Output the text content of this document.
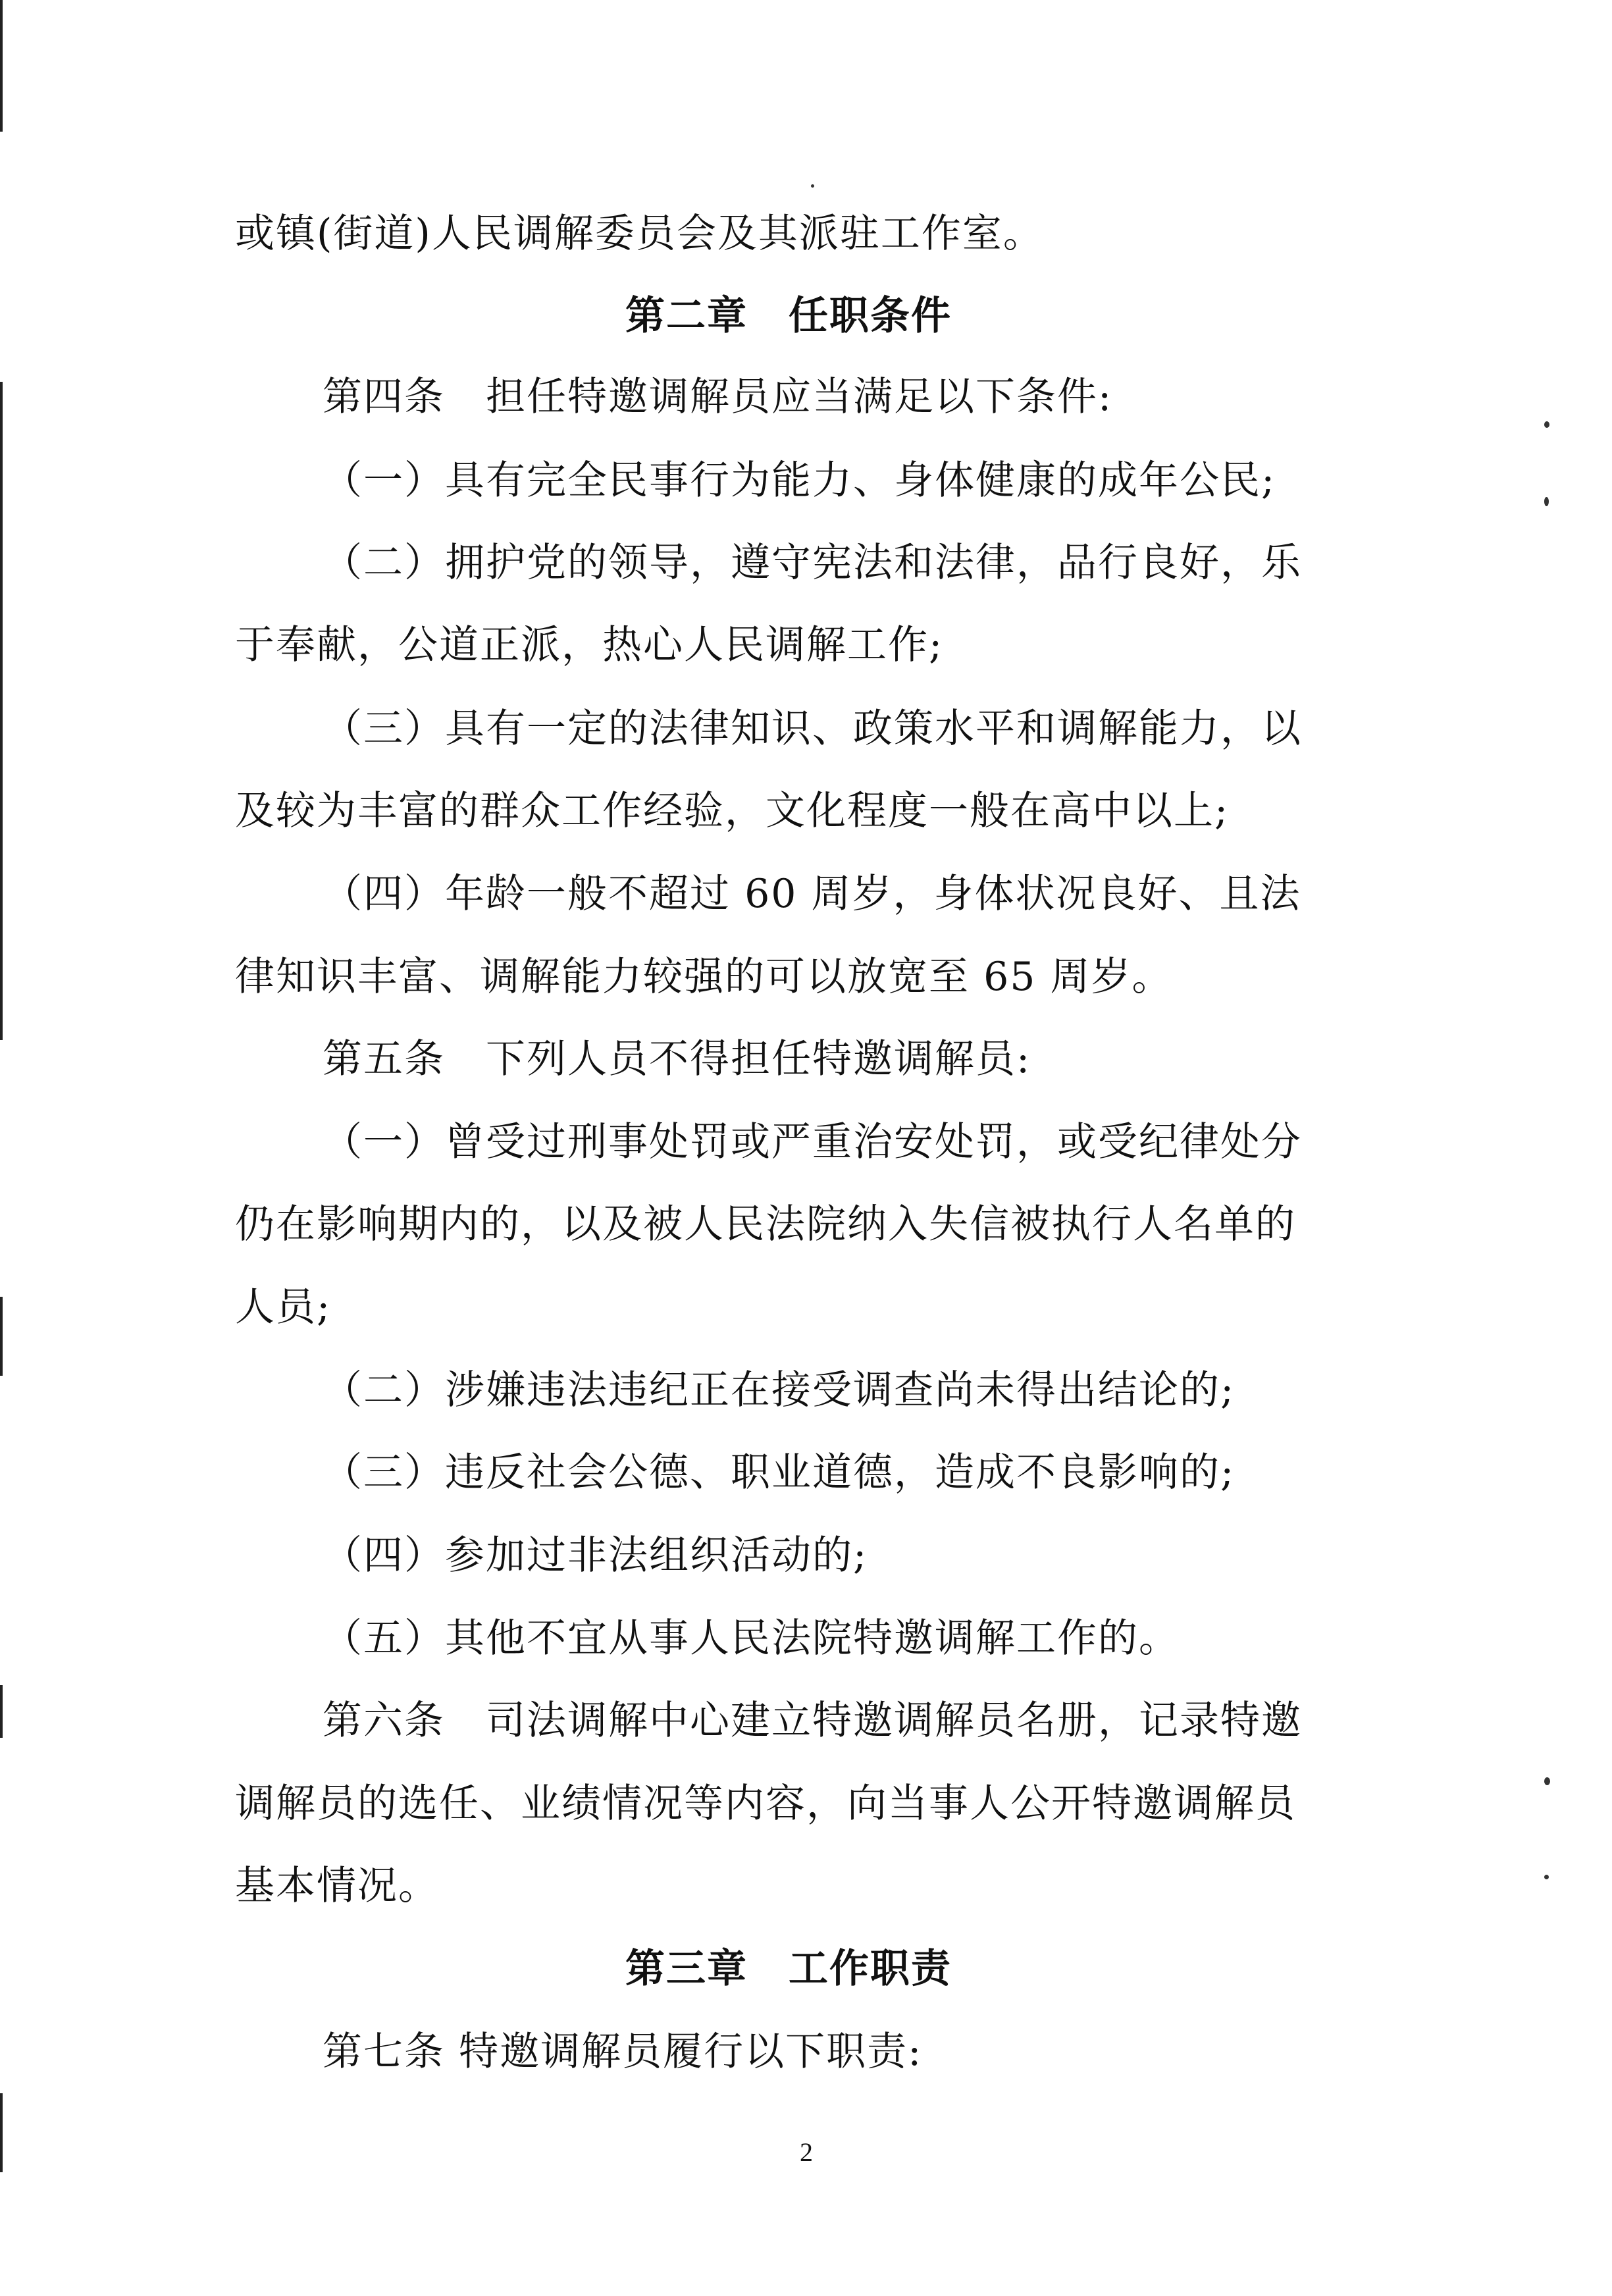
或镇(街道)人民调解委员会及其派驻工作室。
第二章　任职条件
第四条　担任特邀调解员应当满足以下条件:
（一）具有完全民事行为能力、身体健康的成年公民;
（二）拥护党的领导，遵守宪法和法律，品行良好，乐
于奉献，公道正派，热心人民调解工作;
（三）具有一定的法律知识、政策水平和调解能力，以
及较为丰富的群众工作经验，文化程度一般在高中以上;
（四）年龄一般不超过 60 周岁，身体状况良好、且法
律知识丰富、调解能力较强的可以放宽至 65 周岁。
第五条　下列人员不得担任特邀调解员:
（一）曾受过刑事处罚或严重治安处罚，或受纪律处分
仍在影响期内的，以及被人民法院纳入失信被执行人名单的
人员;
（二）涉嫌违法违纪正在接受调查尚未得出结论的;
（三）违反社会公德、职业道德，造成不良影响的;
（四）参加过非法组织活动的;
（五）其他不宜从事人民法院特邀调解工作的。
第六条　司法调解中心建立特邀调解员名册，记录特邀
调解员的选任、业绩情况等内容，向当事人公开特邀调解员
基本情况。
第三章　工作职责
第七条 特邀调解员履行以下职责:
2
